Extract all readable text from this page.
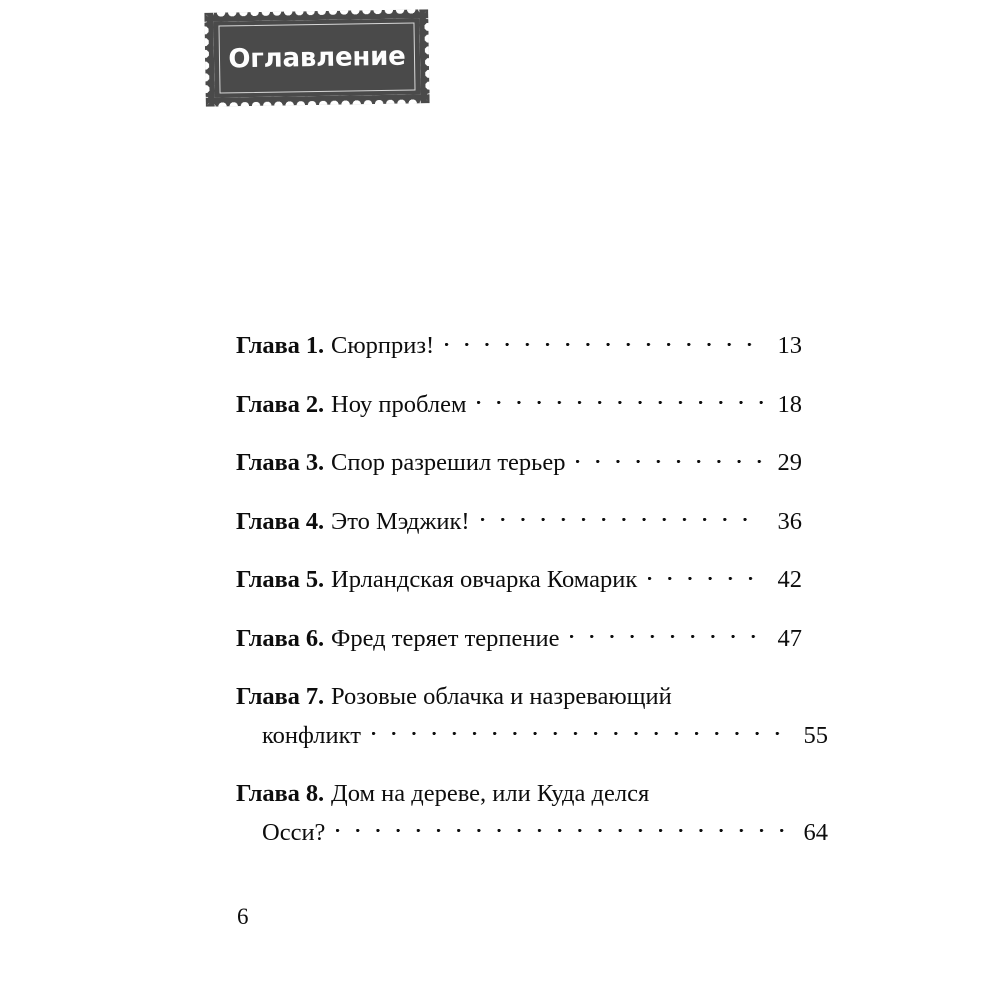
Оглавление
Глава 1. Сюрприз!	13
Глава 2. Ноу проблем	18
Глава 3. Спор разрешил терьер	29
Глава 4. Это Мэджик!	36
Глава 5. Ирландская овчарка Комарик	42
Глава 6. Фред теряет терпение	47
Глава 7. Розовые облачка и назревающий
конфликт	55
Глава 8. Дом на дереве, или Куда делся
Осси?	64
6
